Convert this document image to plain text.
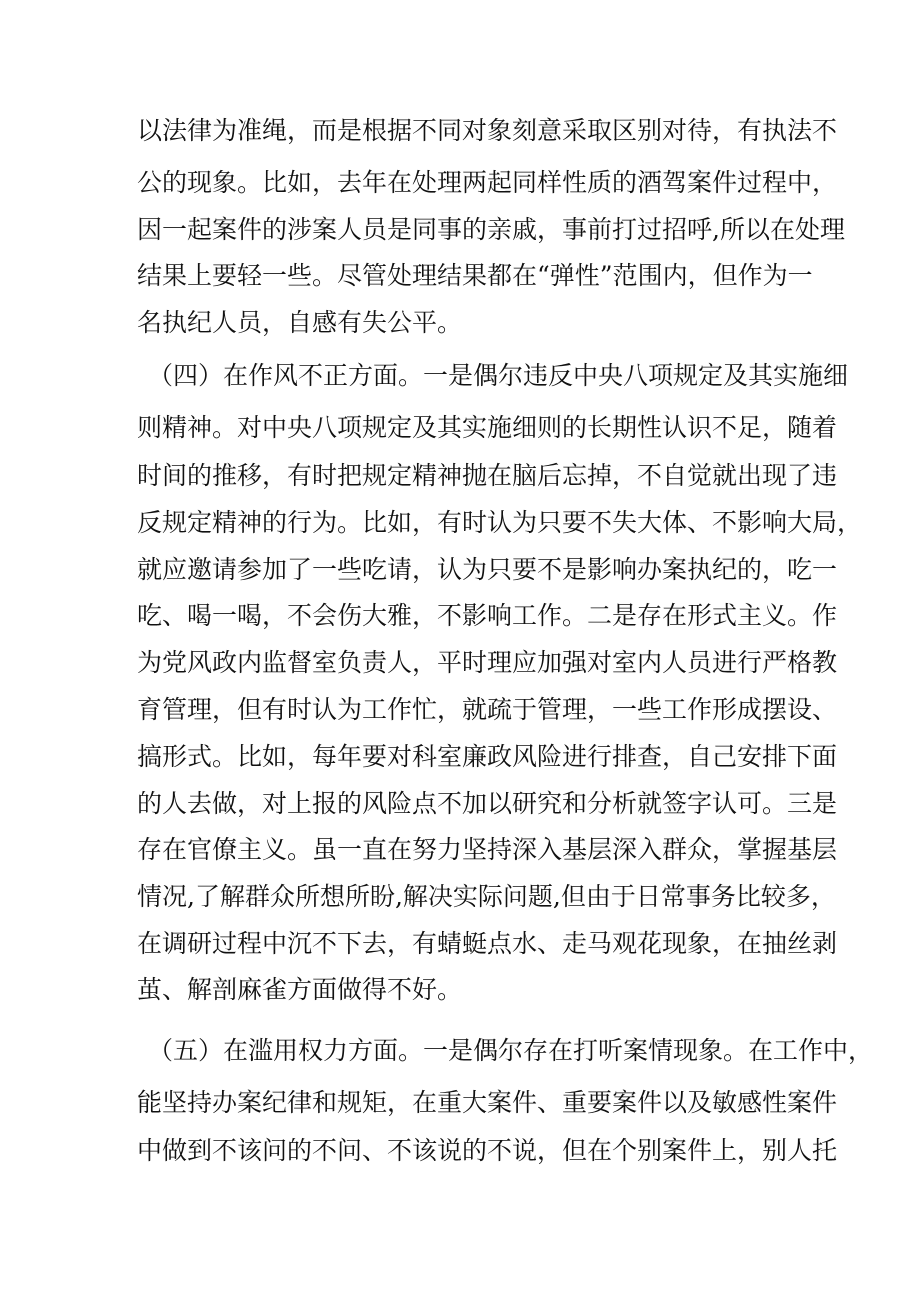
以法律为准绳，而是根据不同对象刻意采取区别对待，有执法不
公的现象。比如，去年在处理两起同样性质的酒驾案件过程中，
因一起案件的涉案人员是同事的亲戚，事前打过招呼,所以在处理
结果上要轻一些。尽管处理结果都在“弹性”范围内，但作为一
名执纪人员，自感有失公平。
（四）在作风不正方面。一是偶尔违反中央八项规定及其实施细
则精神。对中央八项规定及其实施细则的长期性认识不足，随着
时间的推移，有时把规定精神抛在脑后忘掉，不自觉就出现了违
反规定精神的行为。比如，有时认为只要不失大体、不影响大局，
就应邀请参加了一些吃请，认为只要不是影响办案执纪的，吃一
吃、喝一喝，不会伤大雅，不影响工作。二是存在形式主义。作
为党风政内监督室负责人，平时理应加强对室内人员进行严格教
育管理，但有时认为工作忙，就疏于管理，一些工作形成摆设、
搞形式。比如，每年要对科室廉政风险进行排查，自己安排下面
的人去做，对上报的风险点不加以研究和分析就签字认可。三是
存在官僚主义。虽一直在努力坚持深入基层深入群众，掌握基层
情况,了解群众所想所盼,解决实际问题,但由于日常事务比较多，
在调研过程中沉不下去，有蜻蜓点水、走马观花现象，在抽丝剥
茧、解剖麻雀方面做得不好。
（五）在滥用权力方面。一是偶尔存在打听案情现象。在工作中，
能坚持办案纪律和规矩，在重大案件、重要案件以及敏感性案件
中做到不该问的不问、不该说的不说，但在个别案件上，别人托
